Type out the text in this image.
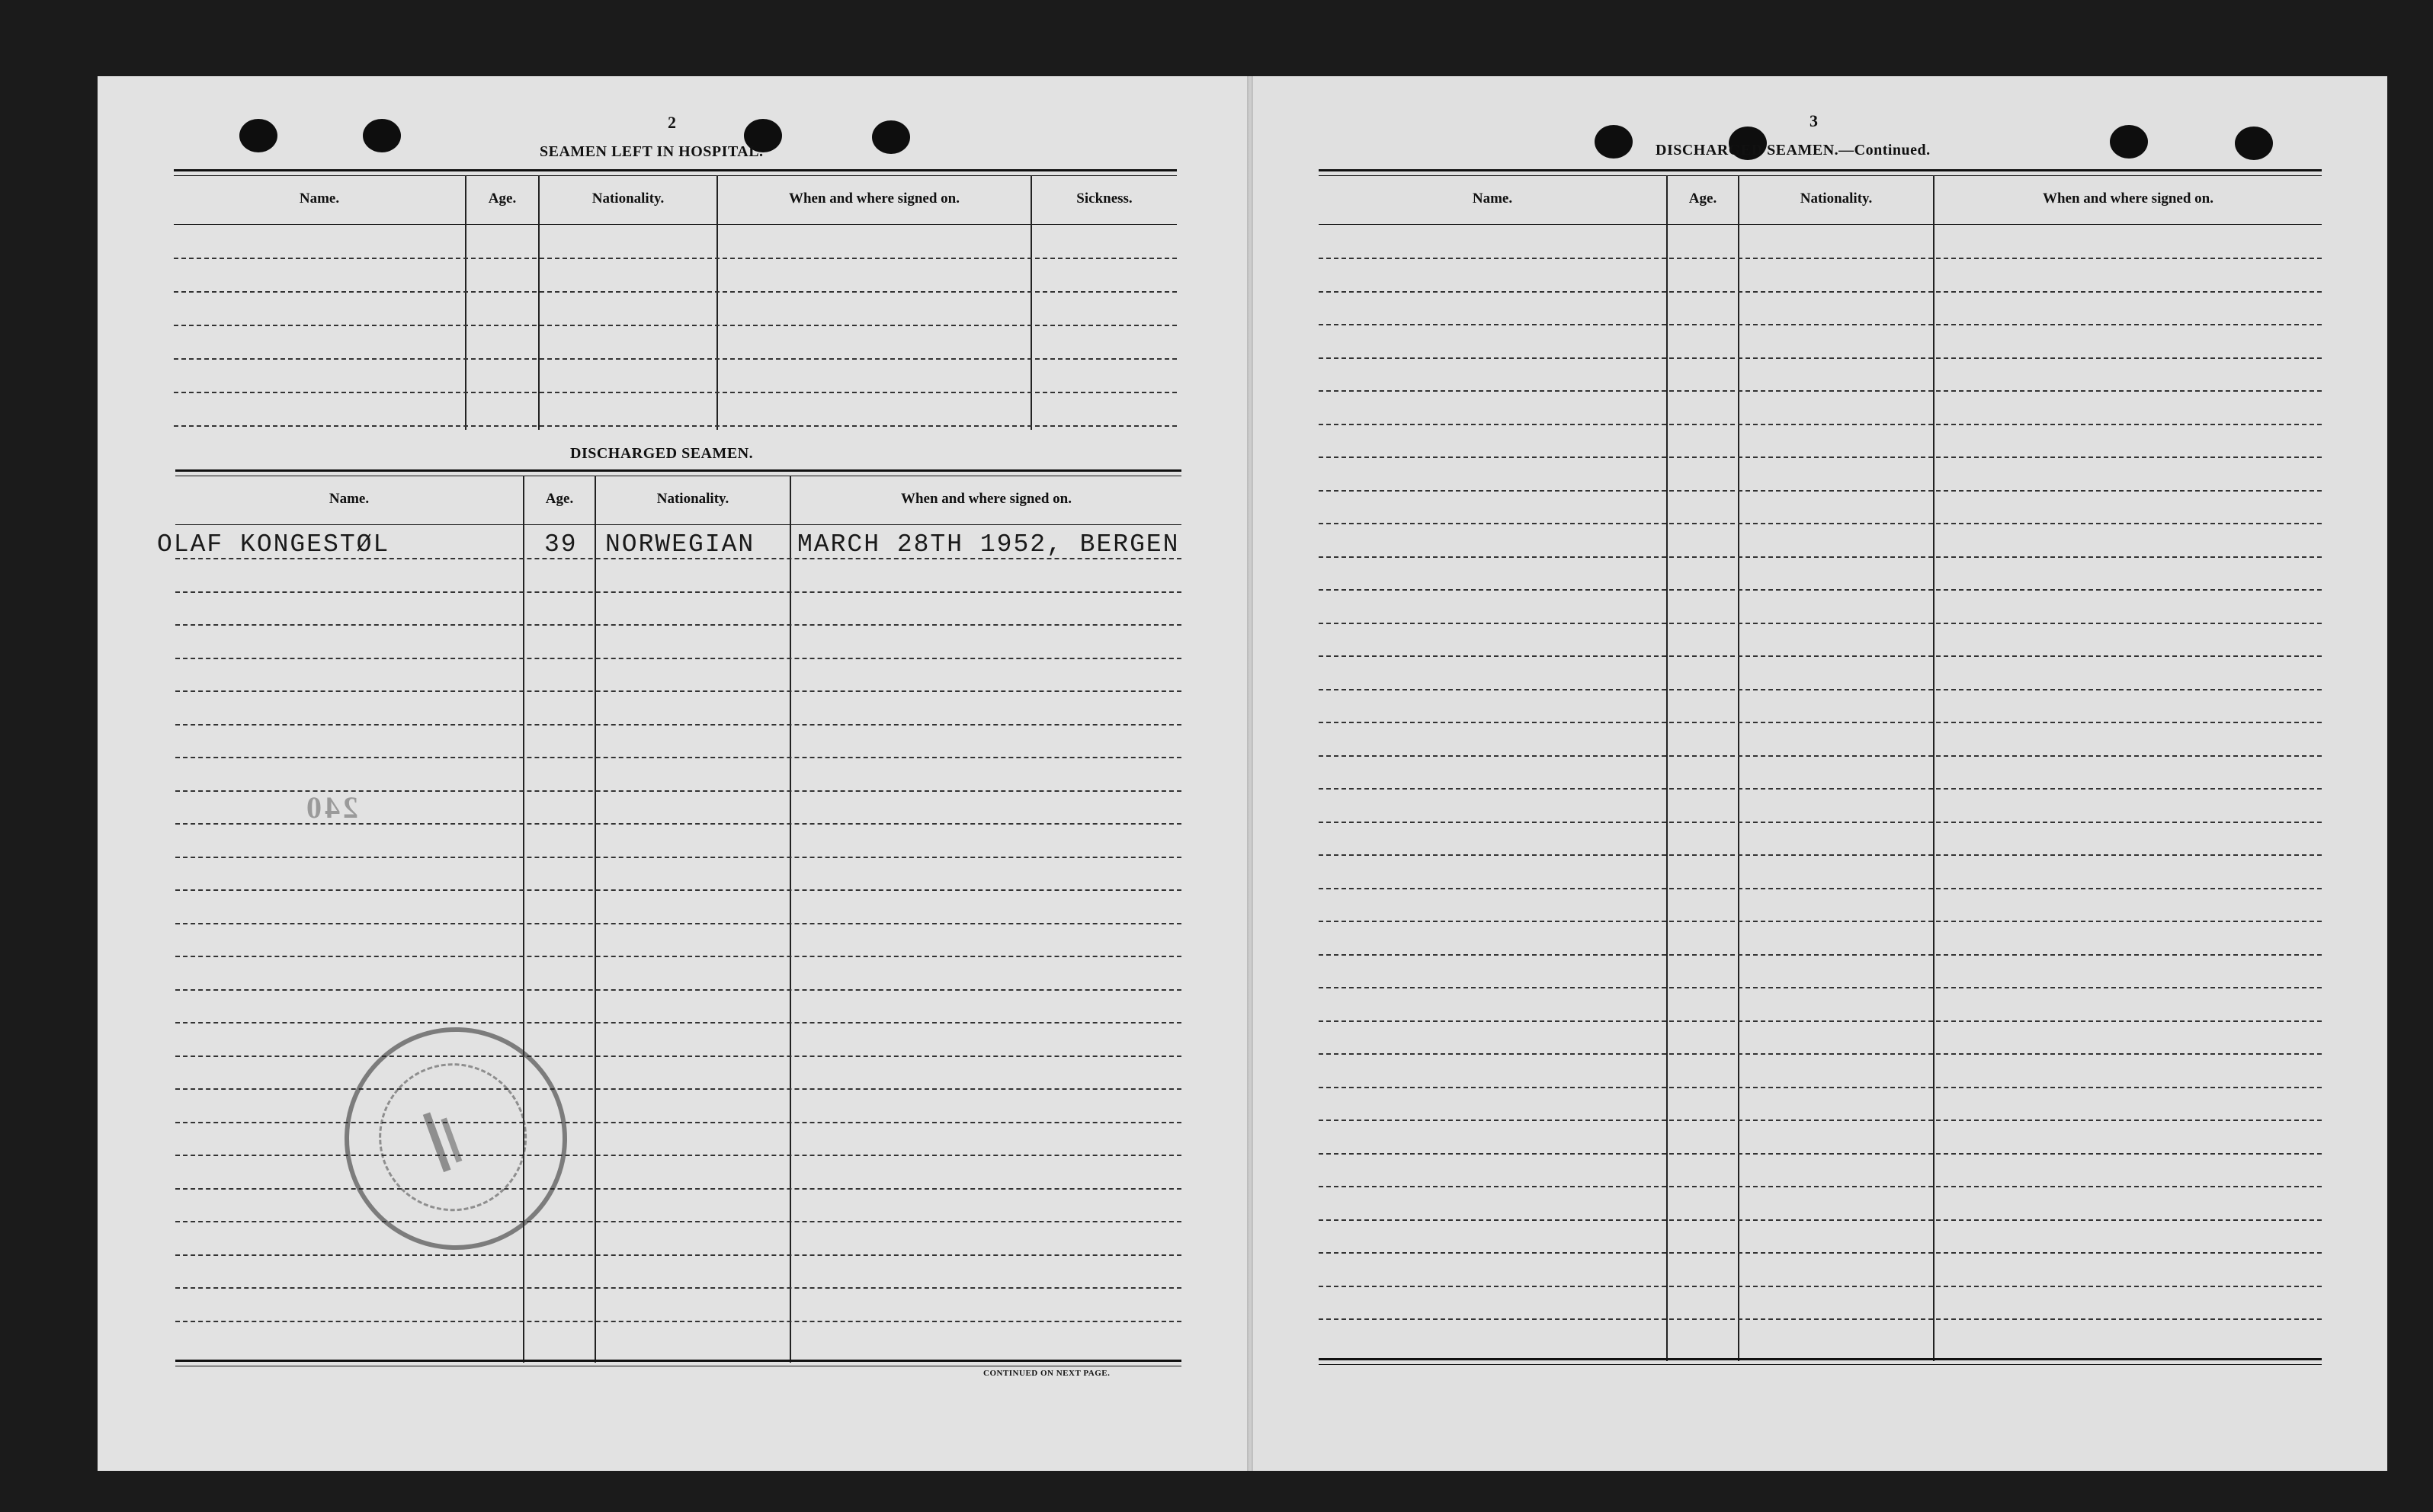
240
2
SEAMEN LEFT IN HOSPITAL.
Name.	Age.	Nationality.	When and where signed on.	Sickness.
DISCHARGED SEAMEN.
Name.	Age.	Nationality.	When and where signed on.
OLAF KONGESTØL	39 NORWEGIAN MARCH 28TH 1952, BERGEN
CONTINUED ON NEXT PAGE.
3
DISCHARGED SEAMEN.—Continued.
Name.	Age.	Nationality.	When and where signed on.
